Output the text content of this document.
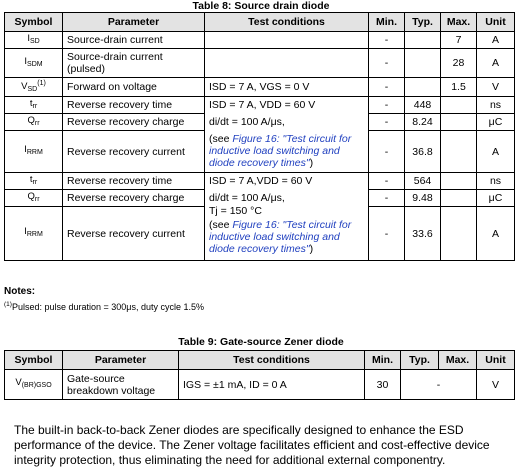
Table 8: Source drain diode
Symbol	Parameter	Test conditions	Min.	Typ.	Max.	Unit
$I_{SD}$	Source-drain current		-		7	A
$I_{SDM}$	Source-drain current (pulsed)		-		28	A
$V_{SD}^{(1)}$	Forward on voltage	ISD = 7 A, VGS = 0 V	-		1.5	V
$t_{rr}$	Reverse recovery time	ISD = 7 A, VDD = 60 V
di/dt = 100 A/μs,
(see Figure 16: "Test circuit for inductive load switching and diode recovery times")	-	448		ns
$Q_{rr}$	Reverse recovery charge		-	8.24		μC
$I_{RRM}$	Reverse recovery current		-	36.8		A
$t_{rr}$	Reverse recovery time	ISD = 7 A,VDD = 60 V
di/dt = 100 A/μs,
Tj = 150 °C
(see Figure 16: "Test circuit for inductive load switching and diode recovery times")	-	564		ns
$Q_{rr}$	Reverse recovery charge		-	9.48		μC
$I_{RRM}$	Reverse recovery current		-	33.6		A
Notes:
$^{(1)}$Pulsed: pulse duration = 300μs, duty cycle 1.5%
Table 9: Gate-source Zener diode
Symbol	Parameter	Test conditions	Min.	Typ.	Max.	Unit
$V_{(BR)GSO}$	Gate-source breakdown voltage	IGS = ±1 mA, ID = 0 A	30	-		V
The built-in back-to-back Zener diodes are specifically designed to enhance the ESD performance of the device. The Zener voltage facilitates efficient and cost-effective device integrity protection, thus eliminating the need for additional external componentry.
